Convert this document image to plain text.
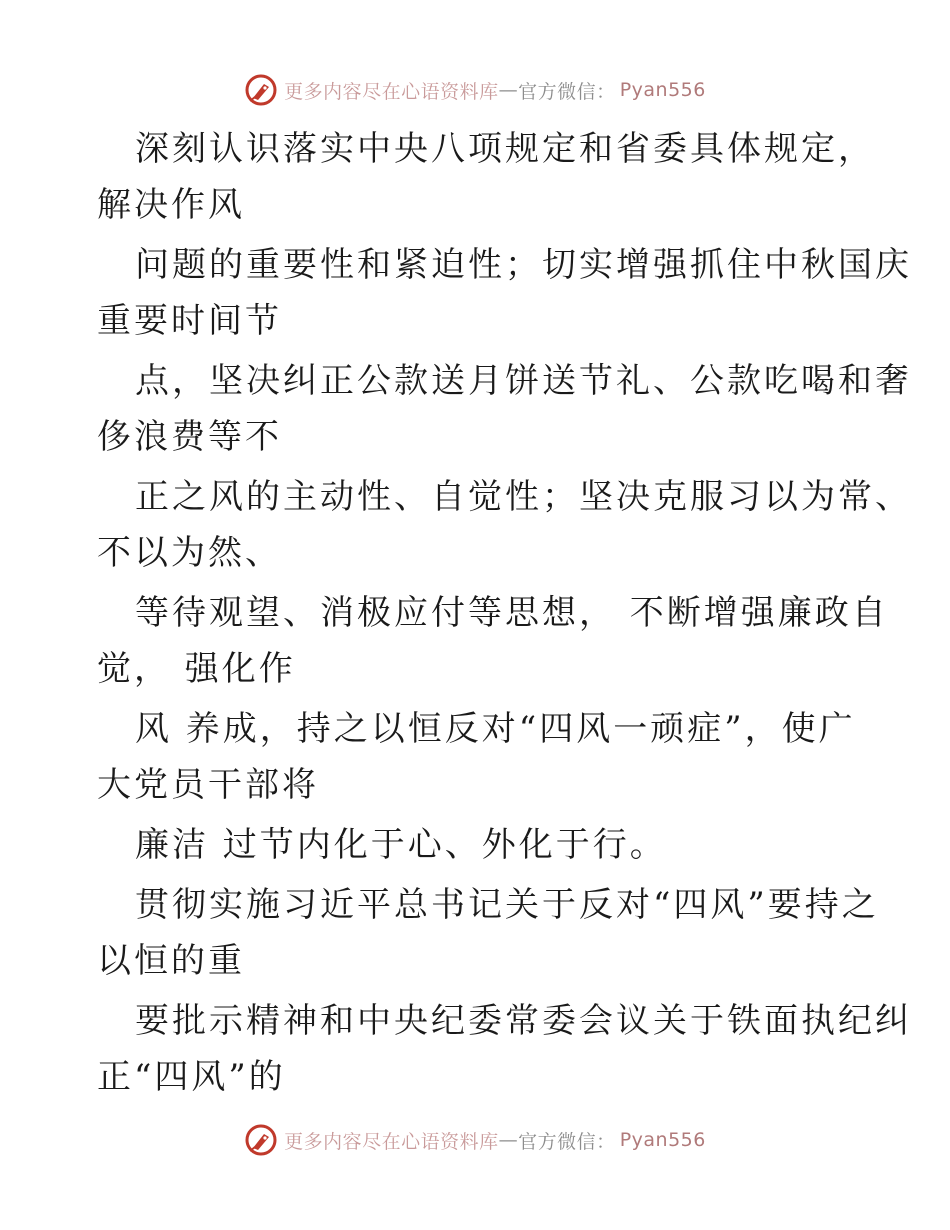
更多内容尽在心语资料库 — 官方微信： Pyan556

深刻认识落实中央八项规定和省委具体规定，

解决作风

问题的重要性和紧迫性；切实增强抓住中秋国庆

重要时间节

点，坚决纠正公款送月饼送节礼、公款吃喝和奢

侈浪费等不

正之风的主动性、自觉性；坚决克服习以为常、

不以为然、

等待观望、消极应付等思想， 不断增强廉政自

觉， 强化作

风 养成，持之以恒反对“四风一顽症”，使广

大党员干部将

廉洁 过节内化于心、外化于行。

贯彻实施习近平总书记关于反对“四风”要持之

以恒的重

要批示精神和中央纪委常委会议关于铁面执纪纠

正“四风”的

更多内容尽在心语资料库 — 官方微信： Pyan556
